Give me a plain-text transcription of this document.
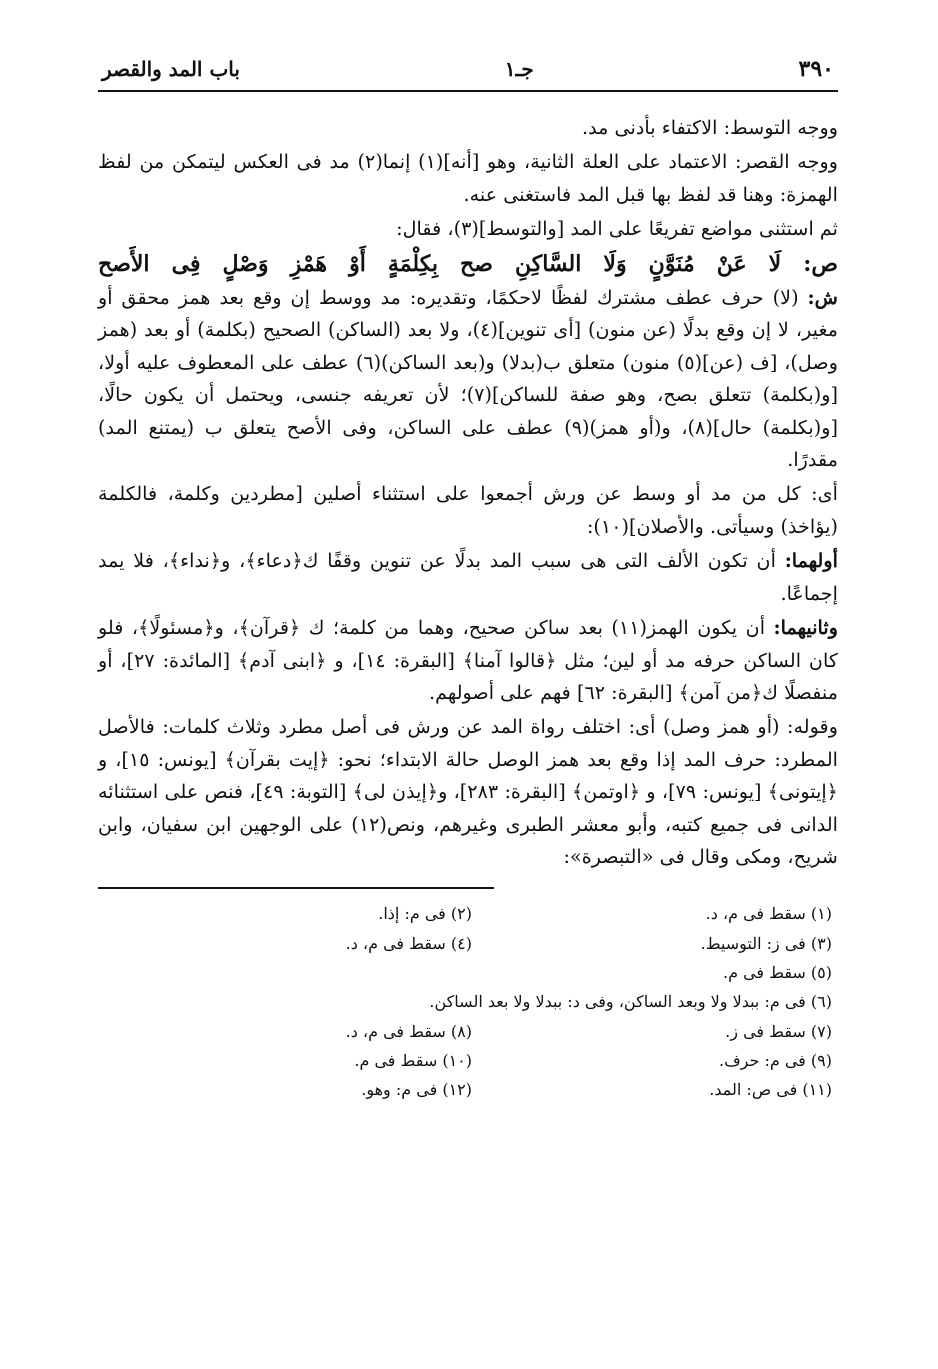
٣٩٠
جـ١
باب المد والقصر

ووجه التوسط: الاكتفاء بأدنى مد.

ووجه القصر: الاعتماد على العلة الثانية، وهو [أنه](١) إنما(٢) مد فى العكس ليتمكن من لفظ الهمزة: وهنا قد لفظ بها قبل المد فاستغنى عنه.

ثم استثنى مواضع تفريعًا على المد [والتوسط](٣)، فقال:

ص: لَا عَنْ مُنَوَّنٍ وَلَا السَّاكِنِ صح بِكِلْمَةٍ أَوْ هَمْزِ وَصْلٍ فِى الأَصح

ش: (لا) حرف عطف مشترك لفظًا لاحكمًا، وتقديره: مد ووسط إن وقع بعد همز محقق أو مغير، لا إن وقع بدلًا (عن منون) [أى تنوين](٤)، ولا بعد (الساكن) الصحيح (بكلمة) أو بعد (همز وصل)، [ف (عن](٥) منون) متعلق ب(بدلا) و(بعد الساكن)(٦) عطف على المعطوف عليه أولا، [و(بكلمة) تتعلق بصح، وهو صفة للساكن](٧)؛ لأن تعريفه جنسى، ويحتمل أن يكون حالًا، [و(بكلمة) حال](٨)، و(أو همز)(٩) عطف على الساكن، وفى الأصح يتعلق ب (يمتنع المد) مقدرًا.

أى: كل من مد أو وسط عن ورش أجمعوا على استثناء أصلين [مطردين وكلمة، فالكلمة (يؤاخذ) وسيأتى. والأصلان](١٠):

أولهما: أن تكون الألف التى هى سبب المد بدلًا عن تنوين وقفًا ك﴿دعاء﴾، و﴿نداء﴾، فلا يمد إجماعًا.

وثانيهما: أن يكون الهمز(١١) بعد ساكن صحيح، وهما من كلمة؛ ك ﴿قرآن﴾، و﴿مسئولًا﴾، فلو كان الساكن حرفه مد أو لين؛ مثل ﴿قالوا آمنا﴾ [البقرة: ١٤]، و ﴿ابنى آدم﴾ [المائدة: ٢٧]، أو منفصلًا ك﴿من آمن﴾ [البقرة: ٦٢] فهم على أصولهم.

وقوله: (أو همز وصل) أى: اختلف رواة المد عن ورش فى أصل مطرد وثلاث كلمات: فالأصل المطرد: حرف المد إذا وقع بعد همز الوصل حالة الابتداء؛ نحو: ﴿إيت بقرآن﴾ [يونس: ١٥]، و ﴿إيتونى﴾ [يونس: ٧٩]، و ﴿اوتمن﴾ [البقرة: ٢٨٣]، و﴿إيذن لى﴾ [التوبة: ٤٩]، فنص على استثنائه الدانى فى جميع كتبه، وأبو معشر الطبرى وغيرهم، ونص(١٢) على الوجهين ابن سفيان، وابن شريح، ومكى وقال فى «التبصرة»:

(١) سقط فى م، د.
(٢) فى م: إذا.
(٣) فى ز: التوسيط.
(٤) سقط فى م، د.
(٥) سقط فى م.
(٦) فى م: ببدلا ولا وبعد الساكن، وفى د: ببدلا ولا بعد الساكن.
(٧) سقط فى ز.
(٨) سقط فى م، د.
(٩) فى م: حرف.
(١٠) سقط فى م.
(١١) فى ص: المد.
(١٢) فى م: وهو.
